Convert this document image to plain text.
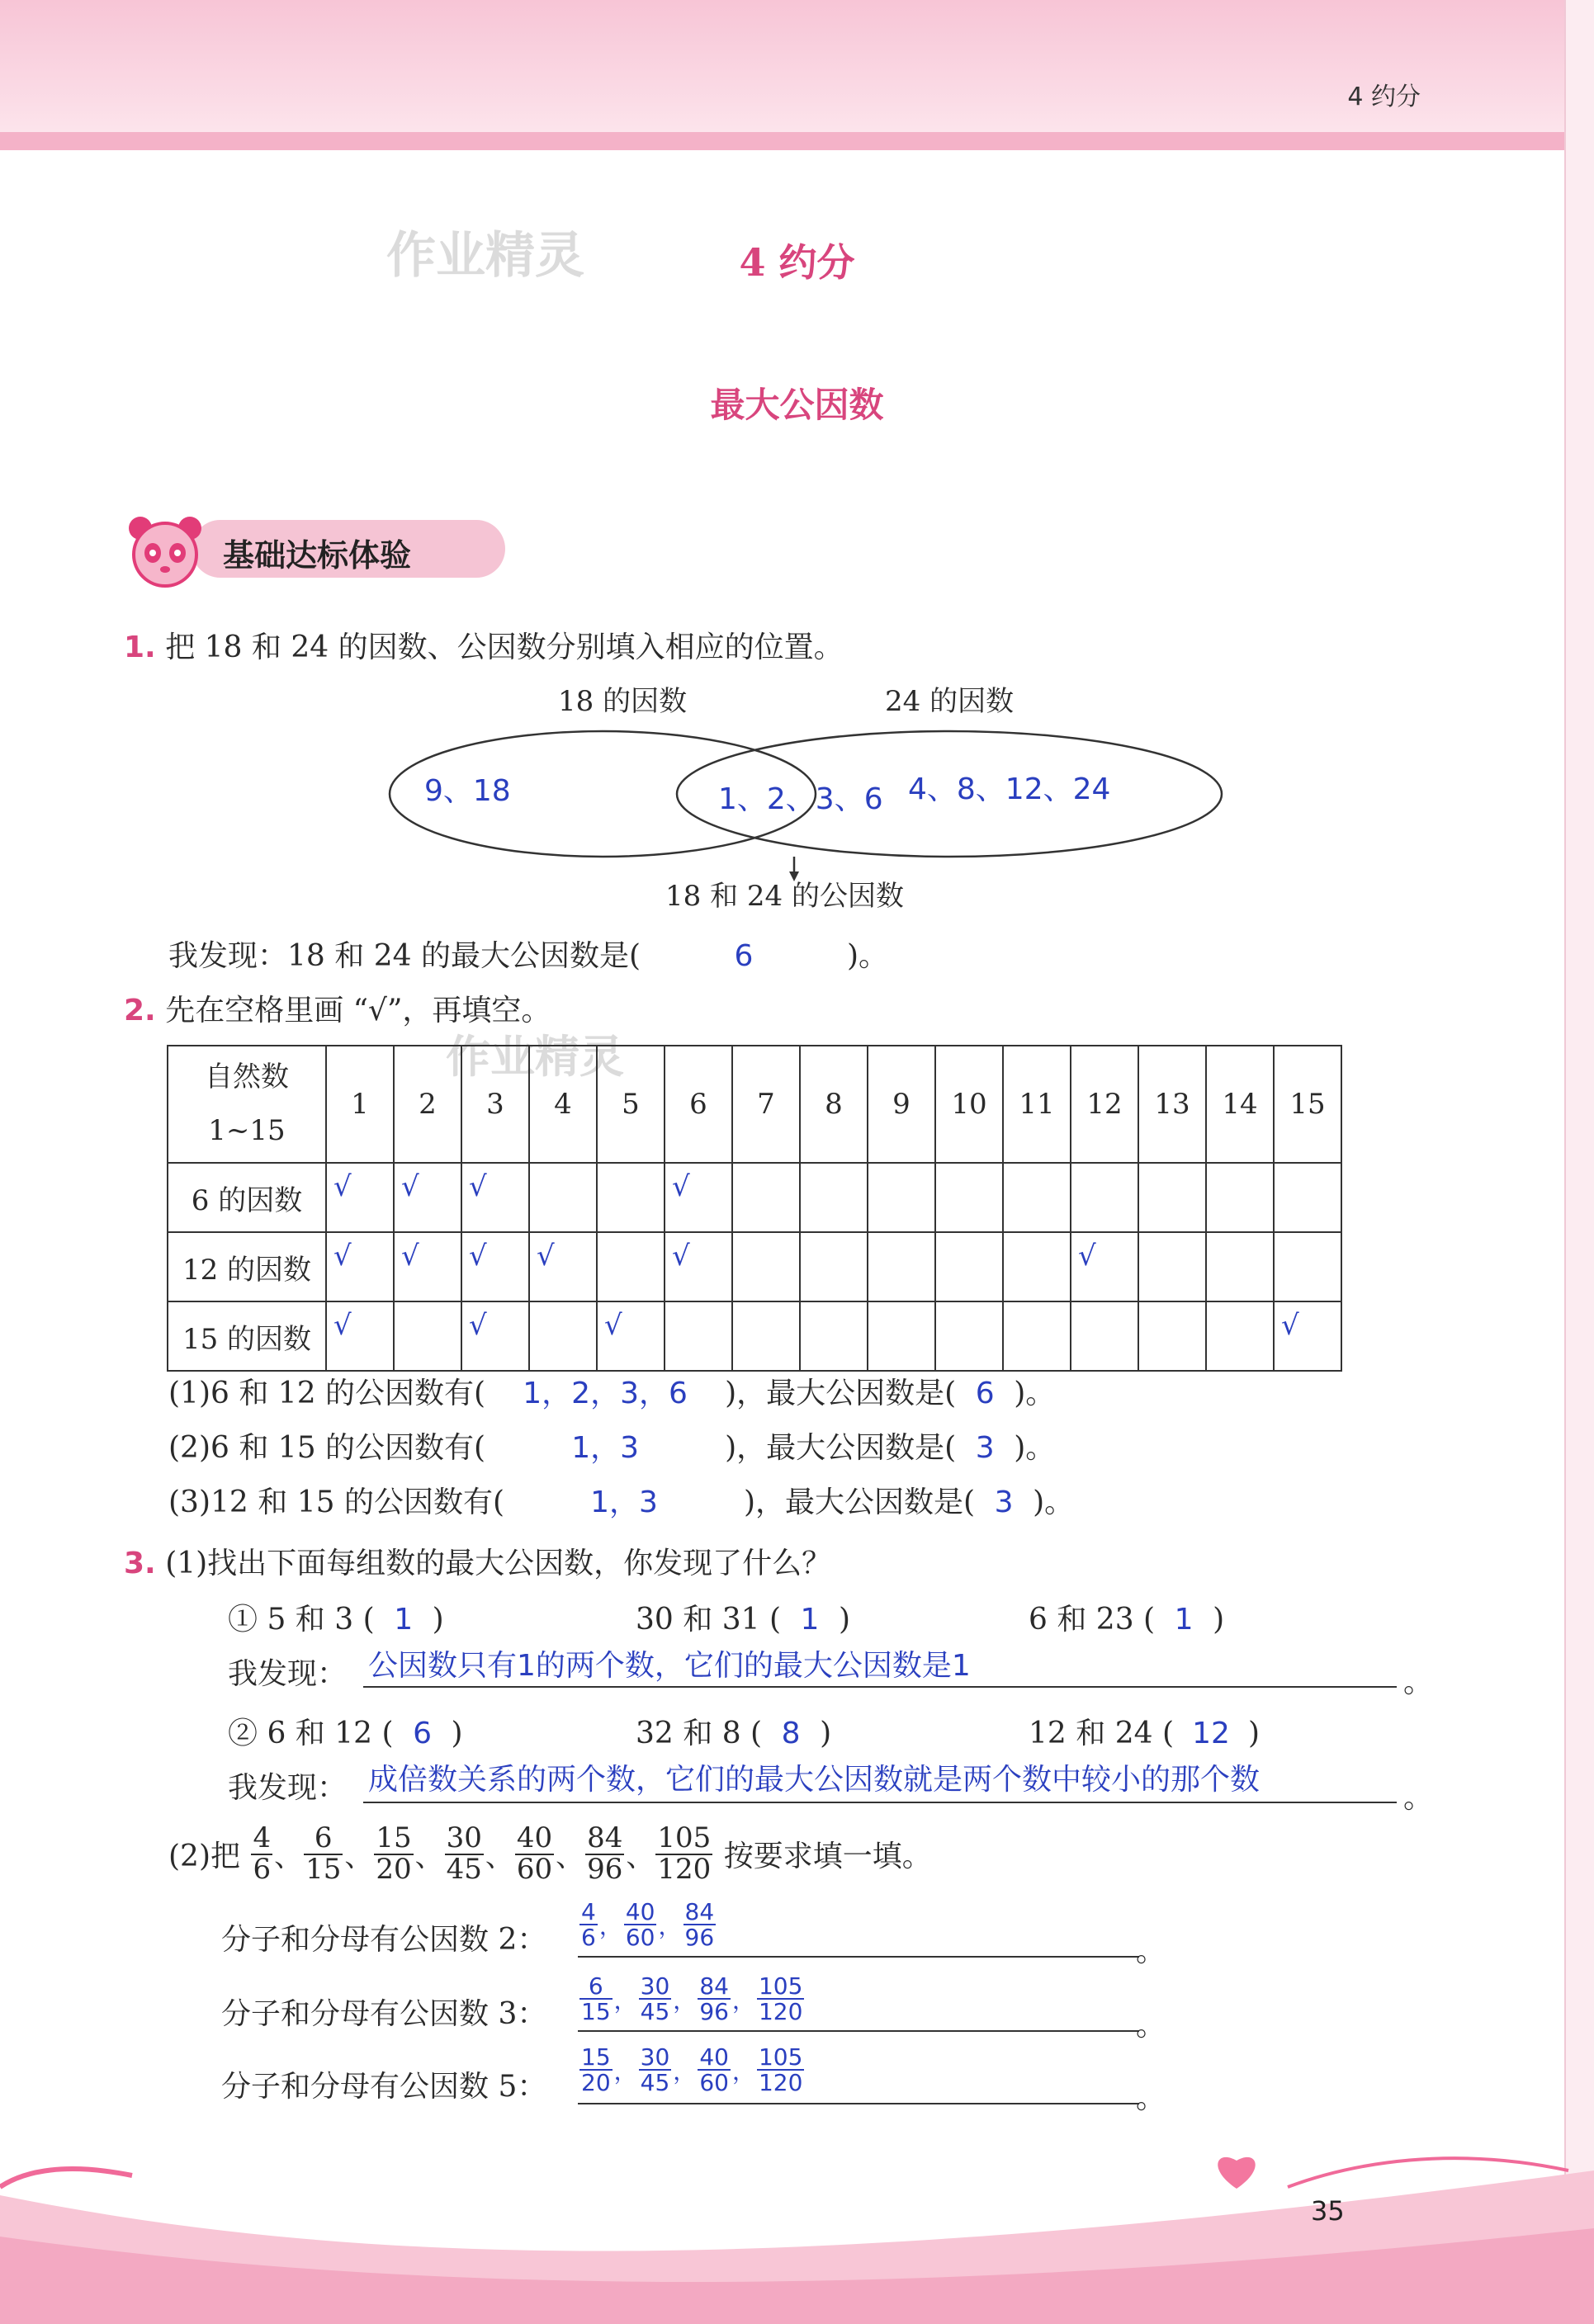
4 约分
作业精灵	4 约分
最大公因数
基础达标体验
1. 把 18 和 24 的因数、公因数分别填入相应的位置。
18 的因数	24 的因数
9、18	1、2、3、6 4、8、12、24
18 和 24 的公因数
我发现：18 和 24 的最大公因数是(	6	)。
2. 先在空格里画 “√”，再填空。
作业精灵
自然数
1~15	1	2	3	4	5	6	7	8	9	10	11	12	13	14	15
6 的因数	√	√	√			√									
12 的因数	√	√	√	√		√						√			
15 的因数	√		√		√										√
(1)6 和 12 的公因数有( 1，2，3，6 )，最大公因数是( 6 )。
(2)6 和 15 的公因数有(	1，3	)，最大公因数是( 3 )。
(3)12 和 15 的公因数有(	1，3	)，最大公因数是( 3 )。
3. (1)找出下面每组数的最大公因数，你发现了什么？
① 5 和 3 ( 1 )	30 和 31 ( 1 )	6 和 23 ( 1 )
我发现： 公因数只有1的两个数，它们的最大公因数是1	。
② 6 和 12 ( 6 )	32 和 8 ( 8 )	12 和 24 ( 12 )
我发现： 成倍数关系的两个数，它们的最大公因数就是两个数中较小的那个数
。
(2)把 $\frac{4}{6}$ 、 $\frac{6}{15}$ 、 $\frac{15}{20}$ 、 $\frac{30}{45}$ 、 $\frac{40}{60}$ 、 $\frac{84}{96}$ 、 $\frac{105}{120}$ 按要求填一填。
分子和分母有公因数 2： $\frac{4}{6}$ ， $\frac{40}{60}$ ， $\frac{84}{96}$
。
分子和分母有公因数 3： $\frac{6}{15}$ ， $\frac{30}{45}$ ， $\frac{84}{96}$ ， $\frac{105}{120}$
。
分子和分母有公因数 5： $\frac{15}{20}$ ， $\frac{30}{45}$ ， $\frac{40}{60}$ ， $\frac{105}{120}$
。
35
